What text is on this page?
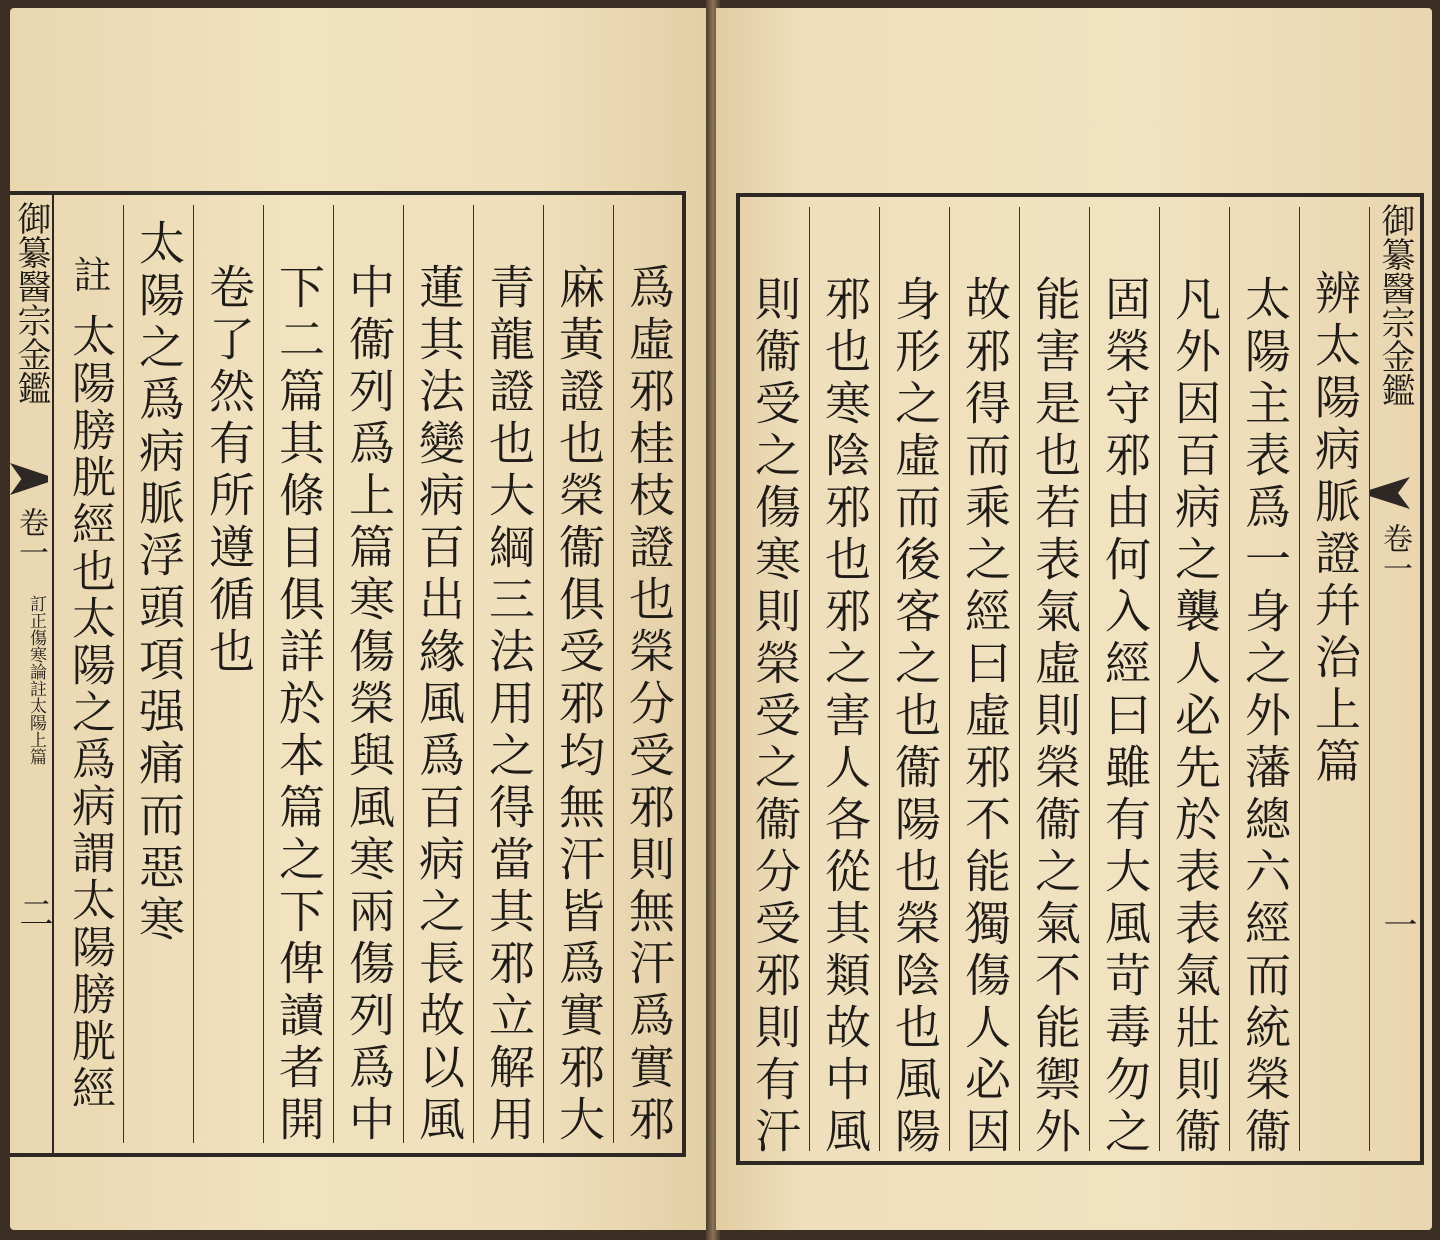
御纂醫宗金鑑
卷一
訂正傷寒論註太陽上篇
二
註
太陽膀胱經也太陽之爲病謂太陽膀胱經 太陽之爲病脈浮頭項强痛而惡寒 卷了然有所遵循也 下二篇其條目俱詳於本篇之下俾讀者開 中衞列爲上篇寒傷榮與風寒兩傷列爲中 蓮其法變病百出緣風爲百病之長故以風 青龍證也大綱三法用之得當其邪立解用 麻黃證也榮衞俱受邪均無汗皆爲實邪大 爲虛邪桂枝證也榮分受邪則無汗爲實邪 則衞受之傷寒則榮受之衞分受邪則有汗 邪也寒陰邪也邪之害人各從其類故中風 身形之虛而後客之也衞陽也榮陰也風陽 故邪得而乘之經曰虛邪不能獨傷人必因 能害是也若表氣虛則榮衞之氣不能禦外 固榮守邪由何入經曰雖有大風苛毒勿之 凡外因百病之襲人必先於表表氣壯則衞 太陽主表爲一身之外藩總六經而統榮衞 辨太陽病脈證幷治上篇 御纂醫宗金鑑
卷一
一
